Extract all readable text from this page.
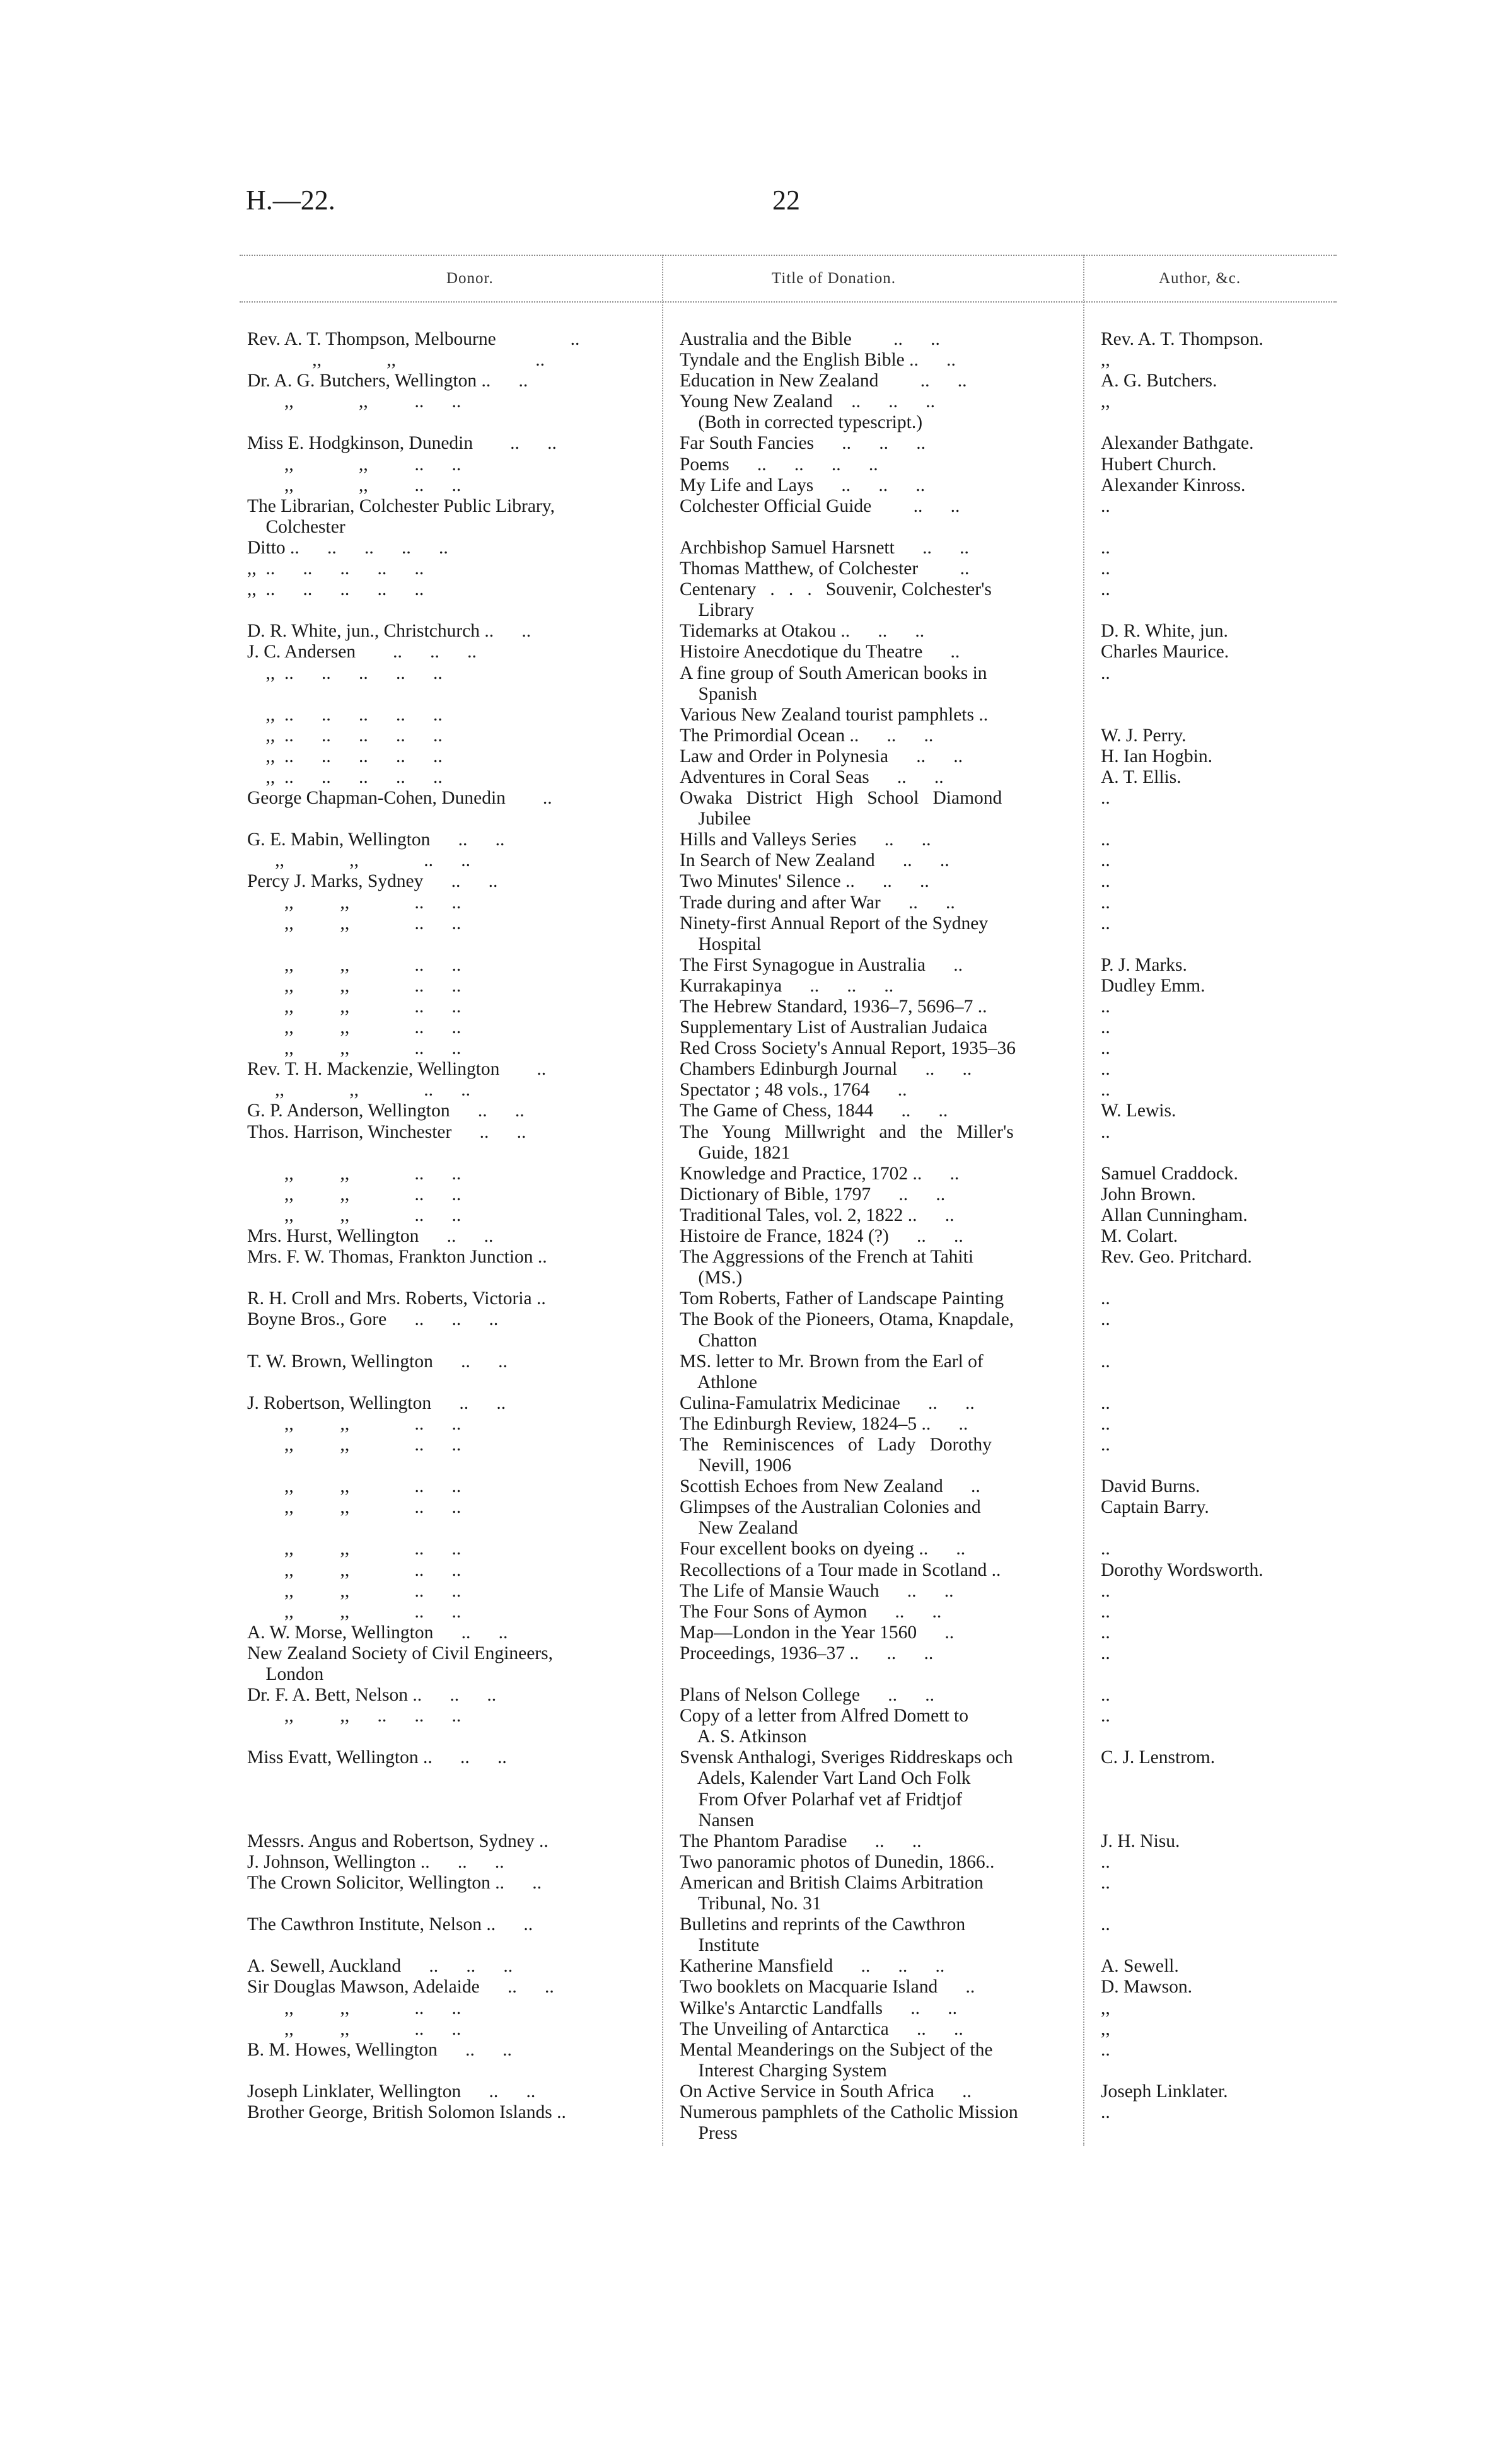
H.—22.	22
Donor.	Title of Donation.	Author, &c.
Rev. A. T. Thompson, Melbourne                ..	Australia and the Bible         ..      ..	Rev. A. T. Thompson.
,,              ,,                              ..	Tyndale and the English Bible ..      ..	,,
Dr. A. G. Butchers, Wellington ..      ..	Education in New Zealand         ..      ..	A. G. Butchers.
,,              ,,          ..      ..	Young New Zealand    ..      ..      ..	,,
(Both in corrected typescript.)
Miss E. Hodgkinson, Dunedin        ..      ..	Far South Fancies      ..      ..      ..	Alexander Bathgate.
,,              ,,          ..      ..	Poems      ..      ..      ..      ..	Hubert Church.
,,              ,,          ..      ..	My Life and Lays      ..      ..      ..	Alexander Kinross.
The Librarian, Colchester Public Library,	Colchester Official Guide         ..      ..	..
Colchester
Ditto ..      ..      ..      ..      ..	Archbishop Samuel Harsnett      ..      ..	..
,,  ..      ..      ..      ..      ..	Thomas Matthew, of Colchester         ..	..
,,  ..      ..      ..      ..      ..	Centenary   .   .   .   Souvenir, Colchester's	..
Library
D. R. White, jun., Christchurch ..      ..	Tidemarks at Otakou ..      ..      ..	D. R. White, jun.
J. C. Andersen        ..      ..      ..	Histoire Anecdotique du Theatre      ..	Charles Maurice.
,,  ..      ..      ..      ..      ..	A fine group of South American books in	..
Spanish
,,  ..      ..      ..      ..      ..	Various New Zealand tourist pamphlets ..
,,  ..      ..      ..      ..      ..	The Primordial Ocean ..      ..      ..	W. J. Perry.
,,  ..      ..      ..      ..      ..	Law and Order in Polynesia      ..      ..	H. Ian Hogbin.
,,  ..      ..      ..      ..      ..	Adventures in Coral Seas      ..      ..	A. T. Ellis.
George Chapman-Cohen, Dunedin        ..	Owaka   District   High   School   Diamond	..
Jubilee
G. E. Mabin, Wellington      ..      ..	Hills and Valleys Series      ..      ..	..
,,              ,,              ..      ..	In Search of New Zealand      ..      ..	..
Percy J. Marks, Sydney      ..      ..	Two Minutes' Silence ..      ..      ..	..
,,          ,,              ..      ..	Trade during and after War      ..      ..	..
,,          ,,              ..      ..	Ninety-first Annual Report of the Sydney	..
Hospital
,,          ,,              ..      ..	The First Synagogue in Australia      ..	P. J. Marks.
,,          ,,              ..      ..	Kurrakapinya      ..      ..      ..	Dudley Emm.
,,          ,,              ..      ..	The Hebrew Standard, 1936–7, 5696–7 ..	..
,,          ,,              ..      ..	Supplementary List of Australian Judaica	..
,,          ,,              ..      ..	Red Cross Society's Annual Report, 1935–36	..
Rev. T. H. Mackenzie, Wellington        ..	Chambers Edinburgh Journal      ..      ..	..
,,              ,,              ..      ..	Spectator ; 48 vols., 1764      ..	..
G. P. Anderson, Wellington      ..      ..	The Game of Chess, 1844      ..      ..	W. Lewis.
Thos. Harrison, Winchester      ..      ..	The   Young   Millwright   and   the   Miller's	..
Guide, 1821
,,          ,,              ..      ..	Knowledge and Practice, 1702 ..      ..	Samuel Craddock.
,,          ,,              ..      ..	Dictionary of Bible, 1797      ..      ..	John Brown.
,,          ,,              ..      ..	Traditional Tales, vol. 2, 1822 ..      ..	Allan Cunningham.
Mrs. Hurst, Wellington      ..      ..	Histoire de France, 1824 (?)      ..      ..	M. Colart.
Mrs. F. W. Thomas, Frankton Junction ..	The Aggressions of the French at Tahiti	Rev. Geo. Pritchard.
(MS.)
R. H. Croll and Mrs. Roberts, Victoria ..	Tom Roberts, Father of Landscape Painting	..
Boyne Bros., Gore      ..      ..      ..	The Book of the Pioneers, Otama, Knapdale,	..
Chatton
T. W. Brown, Wellington      ..      ..	MS. letter to Mr. Brown from the Earl of	..
Athlone
J. Robertson, Wellington      ..      ..	Culina-Famulatrix Medicinae      ..      ..	..
,,          ,,              ..      ..	The Edinburgh Review, 1824–5 ..      ..	..
,,          ,,              ..      ..	The   Reminiscences   of   Lady   Dorothy	..
Nevill, 1906
,,          ,,              ..      ..	Scottish Echoes from New Zealand      ..	David Burns.
,,          ,,              ..      ..	Glimpses of the Australian Colonies and	Captain Barry.
New Zealand
,,          ,,              ..      ..	Four excellent books on dyeing ..      ..	..
,,          ,,              ..      ..	Recollections of a Tour made in Scotland ..	Dorothy Wordsworth.
,,          ,,              ..      ..	The Life of Mansie Wauch      ..      ..	..
,,          ,,              ..      ..	The Four Sons of Aymon      ..      ..	..
A. W. Morse, Wellington      ..      ..	Map—London in the Year 1560      ..	..
New Zealand Society of Civil Engineers,	Proceedings, 1936–37 ..      ..      ..	..
London
Dr. F. A. Bett, Nelson ..      ..      ..	Plans of Nelson College      ..      ..	..
,,          ,,      ..      ..      ..	Copy of a letter from Alfred Domett to	..
A. S. Atkinson
Miss Evatt, Wellington ..      ..      ..	Svensk Anthalogi, Sveriges Riddreskaps och	C. J. Lenstrom.
Adels, Kalender Vart Land Och Folk
From Ofver Polarhaf vet af Fridtjof
Nansen
Messrs. Angus and Robertson, Sydney ..	The Phantom Paradise      ..      ..	J. H. Nisu.
J. Johnson, Wellington ..      ..      ..	Two panoramic photos of Dunedin, 1866..	..
The Crown Solicitor, Wellington ..      ..	American and British Claims Arbitration	..
Tribunal, No. 31
The Cawthron Institute, Nelson ..      ..	Bulletins and reprints of the Cawthron	..
Institute
A. Sewell, Auckland      ..      ..      ..	Katherine Mansfield      ..      ..      ..	A. Sewell.
Sir Douglas Mawson, Adelaide      ..      ..	Two booklets on Macquarie Island      ..	D. Mawson.
,,          ,,              ..      ..	Wilke's Antarctic Landfalls      ..      ..	,,
,,          ,,              ..      ..	The Unveiling of Antarctica      ..      ..	,,
B. M. Howes, Wellington      ..      ..	Mental Meanderings on the Subject of the	..
Interest Charging System
Joseph Linklater, Wellington      ..      ..	On Active Service in South Africa      ..	Joseph Linklater.
Brother George, British Solomon Islands ..	Numerous pamphlets of the Catholic Mission	..
Press
